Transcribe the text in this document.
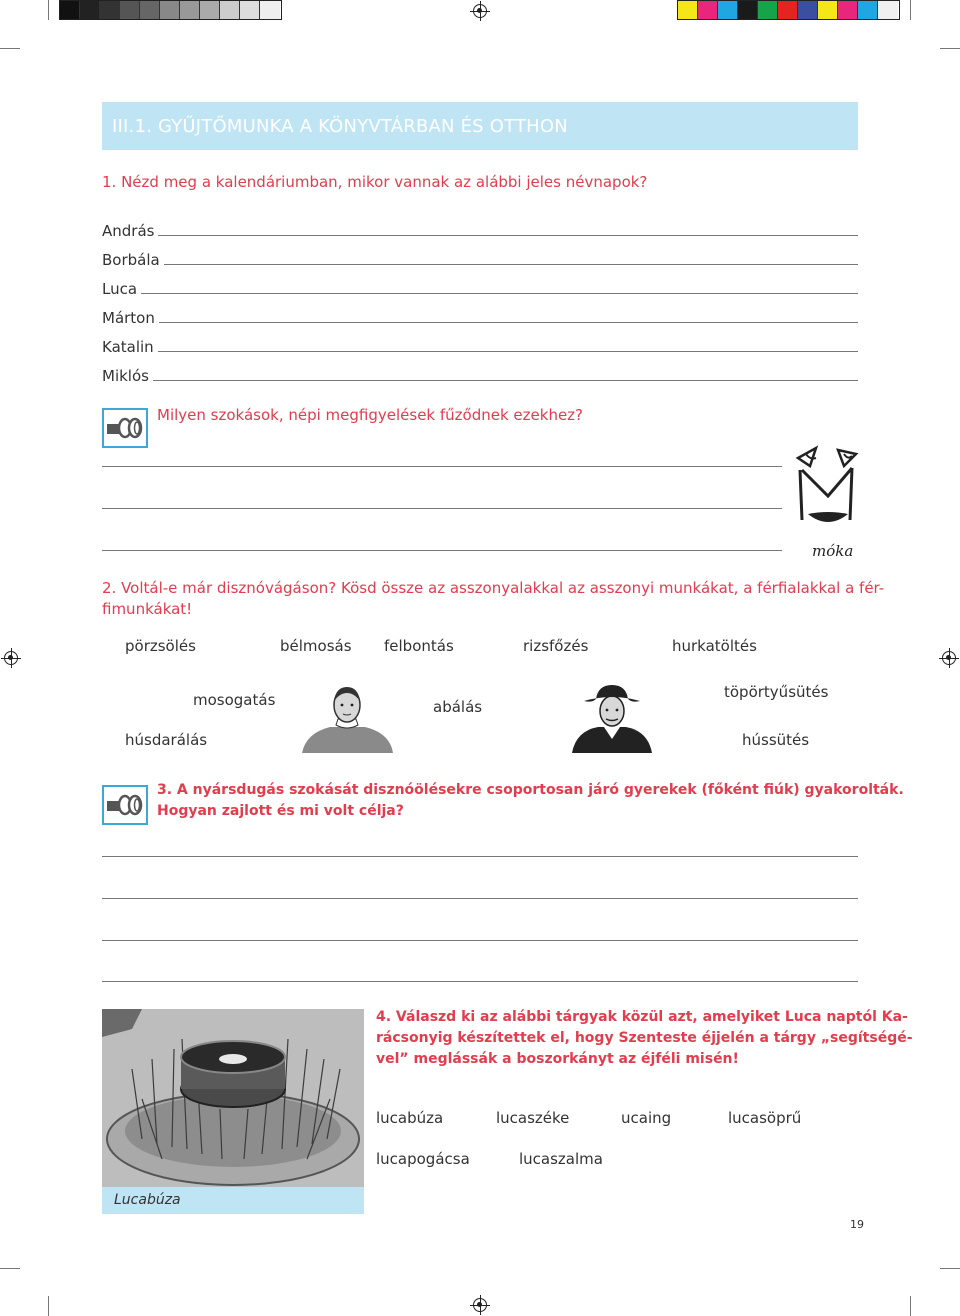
III.1. GYŰJTŐMUNKA A KÖNYVTÁRBAN ÉS OTTHON
1. Nézd meg a kalendáriumban, mikor vannak az alábbi jeles névnapok?
András
Borbála
Luca
Márton
Katalin
Miklós
Milyen szokások, népi megfigyelések fűződnek ezekhez?
móka
2. Voltál-e már disznóvágáson? Kösd össze az asszonyalakkal az asszonyi munkákat, a férfialakkal a fér-
fimunkákat!
pörzsölés	bélmosás felbontás	rizsfőzés	hurkatöltés
mosogatás	abálás
töpörtyűsütés
húsdarálás	hússütés
3. A nyársdugás szokását disznóölésekre csoportosan járó gyerekek (főként fiúk) gyakorolták.
Hogyan zajlott és mi volt célja?
Lucabúza
4. Válaszd ki az alábbi tárgyak közül azt, amelyiket Luca naptól Ka-
rácsonyig készítettek el, hogy Szenteste éjjelén a tárgy „segítségé-
vel” meglássák a boszorkányt az éjféli misén!
lucabúza	lucaszéke	ucaing	lucasöprű
lucapogácsa	lucaszalma
19
